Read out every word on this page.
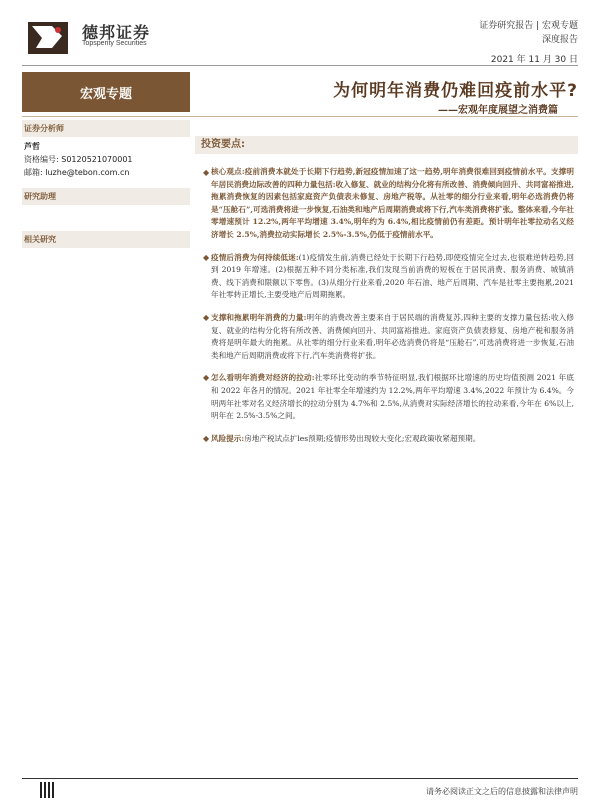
德邦证券
Topsperity Securities
证券研究报告 | 宏观专题
深度报告
2021 年 11 月 30 日
宏观专题	为何明年消费仍难回疫前水平?
——宏观年度展望之消费篇
证券分析师
芦哲
资格编号: S0120521070001
邮箱: luzhe@tebon.com.cn
研究助理
相关研究
投资要点:
◆ 核心观点:疫前消费本就处于长期下行趋势,新冠疫情加速了这一趋势,明年消费很难回到疫情前水平。支撑明年居民消费边际改善的四种力量包括:收入修复、就业的结构分化将有所改善、消费倾向回升、共同富裕推进,拖累消费恢复的因素包括家庭资产负债表未修复、房地产税等。从社零的细分行业来看,明年必选消费仍将是“压舱石”,可选消费将进一步恢复,石油类和地产后周期消费或将下行,汽车类消费将扩张。整体来看,今年社零增速预计 12.2%,两年平均增速 3.4%,明年约为 6.4%,相比疫情前仍有差距。预计明年社零拉动名义经济增长 2.5%,消费拉动实际增长 2.5%-3.5%,仍低于疫情前水平。
◆ 疫情后消费为何持续低迷:(1)疫情发生前,消费已经处于长期下行趋势,即使疫情完全过去,也很难逆转趋势,回到 2019 年增速。(2)根据五种不同分类标准,我们发现当前消费的短板在于居民消费、服务消费、城镇消费、线下消费和限额以下零售。(3)从细分行业来看,2020 年石油、地产后周期、汽车是社零主要拖累,2021 年社零转正增长,主要受地产后周期拖累。
◆ 支撑和拖累明年消费的力量:明年的消费改善主要来自于居民端的消费复苏,四种主要的支撑力量包括:收入修复、就业的结构分化将有所改善、消费倾向回升、共同富裕推进。家庭资产负债表修复、房地产税和服务消费将是明年最大的拖累。从社零的细分行业来看,明年必选消费仍将是“压舱石”,可选消费将进一步恢复,石油类和地产后周期消费或将下行,汽车类消费将扩张。
◆ 怎么看明年消费对经济的拉动:社零环比变动的季节特征明显,我们根据环比增速的历史均值预测 2021 年底和 2022 年各月的情况。2021 年社零全年增速约为 12.2%,两年平均增速 3.4%,2022 年预计为 6.4%。今明两年社零对名义经济增长的拉动分别为 4.7%和 2.5%,从消费对实际经济增长的拉动来看,今年在 6%以上,明年在 2.5%-3.5%之间。
◆ 风险提示:房地产税试点扩les预期;疫情形势出现较大变化;宏观政策收紧超预期。
请务必阅读正文之后的信息披露和法律声明
